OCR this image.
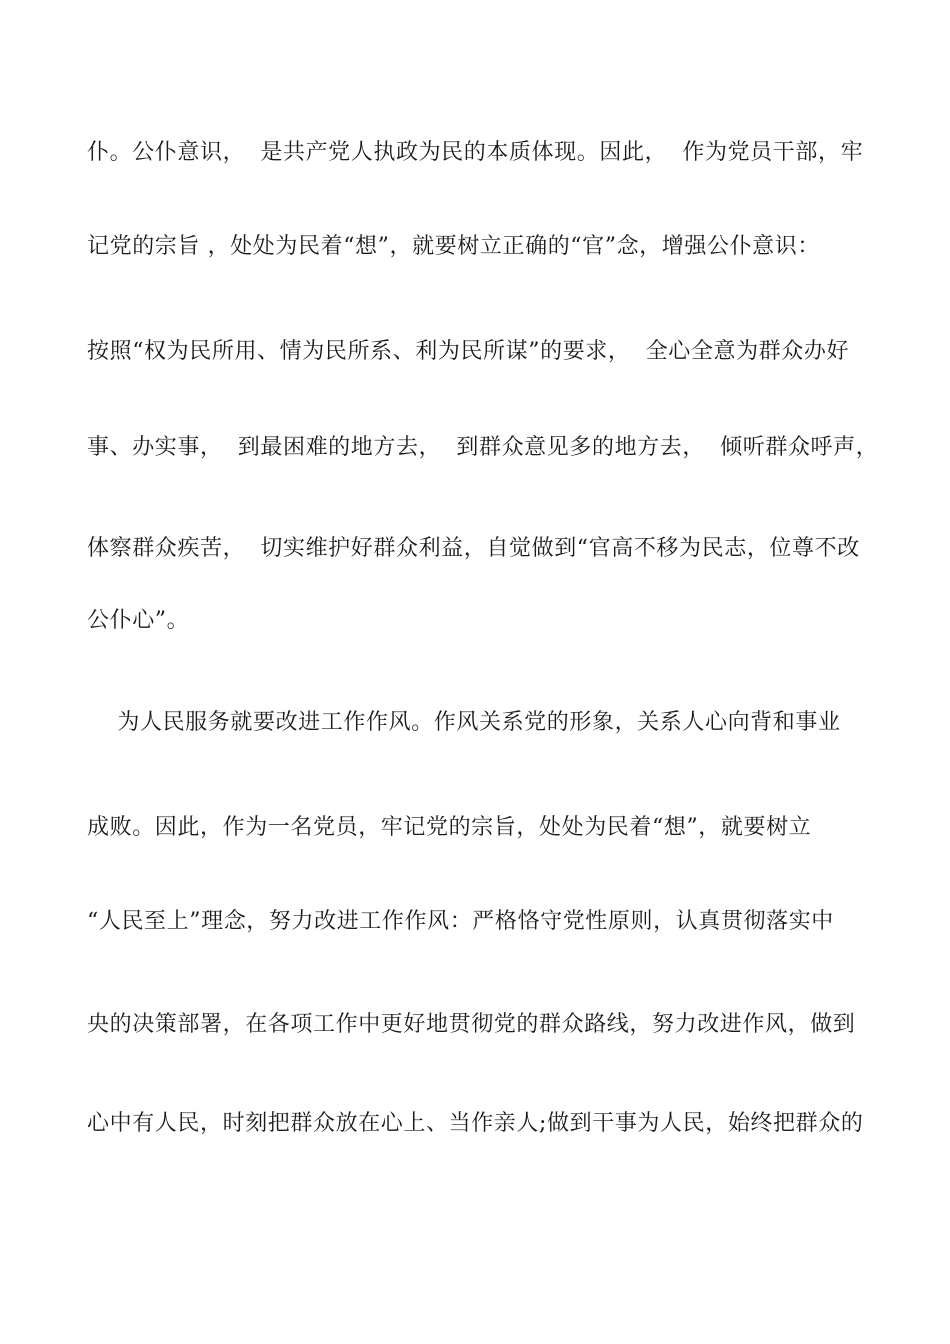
仆。公仆意识，  是共产党人执政为民的本质体现。因此，  作为党员干部，牢
记党的宗旨 ，处处为民着“想”，就要树立正确的“官”念，增强公仆意识：
按照“权为民所用、情为民所系、利为民所谋”的要求，  全心全意为群众办好
事、办实事，  到最困难的地方去，  到群众意见多的地方去，  倾听群众呼声，
体察群众疾苦，  切实维护好群众利益，自觉做到“官高不移为民志，位尊不改
公仆心”。
为人民服务就要改进工作作风。作风关系党的形象，关系人心向背和事业
成败。因此，作为一名党员，牢记党的宗旨，处处为民着“想”，就要树立
“人民至上”理念，努力改进工作作风：严格恪守党性原则，认真贯彻落实中
央的决策部署，在各项工作中更好地贯彻党的群众路线，努力改进作风，做到
心中有人民，时刻把群众放在心上、当作亲人;做到干事为人民，始终把群众的
